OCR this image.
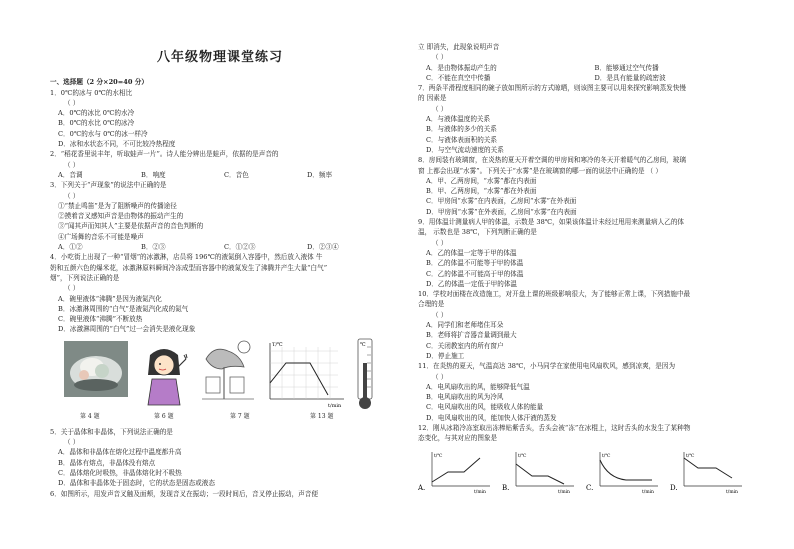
八年级物理课堂练习
一、选择题（2 分×20=40 分）
1．0℃的冰与 0℃的水相比
（ ）
A．0℃的冰比 0℃的水冷
B．0℃的水比 0℃的冰冷
C．0℃的水与 0℃的冰一样冷
D．冰和水状态不同，不可比较冷热程度
2．“稻花香里说丰年，听取蛙声一片”。诗人能分辨出是蛙声，依据的是声音的
（ ）
A．音调	B．响度	C．音色	D．频率
3．下列关于“声现象”的说法中正确的是
（ ）
①“禁止鸣笛”是为了阻断噪声的传播途径
②摸着音叉感知声音是由物体的振动产生的
③“闻其声而知其人”主要是依据声音的音色判断的
④广场舞的音乐不可能是噪声
A．①②	B．②③	C．①②③	D．②③④
4．小吃街上出现了一种“冒烟”的冰激淋，店员将 196℃的液氮倒入容器中，然后放入液体 牛
奶和五颜六色的爆米花，冰激淋原料瞬间冷冻成型而容器中的液氮发生了沸腾并产生大量“白气”
烟”，下列说法正确的是
（ ）
A．碗里液体“沸腾”是因为液氮汽化
B．冰激淋周围的“白气”是液氮汽化成的氮气
C．碗里液体“沸腾”不断放热
D．冰激淋周围的“白气”过一会消失是液化现象
第 4 题	第 6 题	第 7 题
T/℃
t/min
℃
第 13 题
5．关于晶体和非晶体，下列说法正确的是
（ ）
A．晶体和非晶体在熔化过程中温度都升高
B．晶体有熔点，非晶体没有熔点
C．晶体熔化时吸热，非晶体熔化时不吸热
D．晶体和非晶体处于固态时，它的状态是固态或液态
6．如图所示，用发声音叉触及面颊，发现音叉在振动；一段时间后，音叉停止振动，声音便
立 即消失，此现象说明声音
（ ）
A．是由物体振动产生的	B．能够通过空气传播
C．不能在真空中传播	D．是具有能量的疏密波
7．两条平滑程度相同的碗子放如图所示的方式晾晒，则该图主要可以用来探究影响蒸发快慢
的 因素是
（ ）
A．与液体温度的关系
B．与液体的多少的关系
C．与液体表面积的关系
D．与空气流动速度的关系
8．房间装有玻璃窗，在炎热的夏天开着空调的甲房间和寒冷的冬天开着暖气的乙房间，玻璃
窗 上都会出现“水雾”。下列关于“水雾”是在玻璃窗的哪一面的说法中正确的是 （ ）
A．甲、乙两房间，“水雾”都在内表面
B．甲、乙两房间，“水雾”都在外表面
C．甲房间“水雾”在内表面，乙房间“水雾”在外表面
D．甲房间“水雾”在外表面，乙房间“水雾”在内表面
9．用体温计测量病人甲的体温，示数是 38℃，如果该体温计未经过甩用来测量病人乙的体
温， 示数也是 38℃，下列判断正确的是
（ ）
A．乙的体温一定等于甲的体温
B．乙的体温不可能等于甲的体温
C．乙的体温不可能高于甲的体温
D．乙的体温一定低于甲的体温
10．学校对面楼在改造施工，对开盘上课的班级影响很大，为了能够正常上课，下列措施中最
合理的是
（ ）
A．同学们和老师堵住耳朵
B．老师将扩音器音量调到最大
C．关闭教室内的所有窗户
D．停止施工
11．在炎热的夏天，气温高达 38℃，小马同学在家使用电风扇吹风，感到凉爽，是因为
（ ）
A．电风扇吹出的风，能够降低气温
B．电风扇吹出的风为冷风
C．电风扇吹出的风，能吸收人体的能量
D．电风扇吹出的风，能加快人体汗液的蒸发
12．刚从冰箱冷冻室取出冻棒贴紫舌头，舌头会被“冻”在冰棍上，这时舌头的水发生了某种物
态变化，与其对应的图象是
A.
t/℃
t/min
B.
t/℃
t/min
C.
t/℃
t/min
D.
t/℃
t/min
